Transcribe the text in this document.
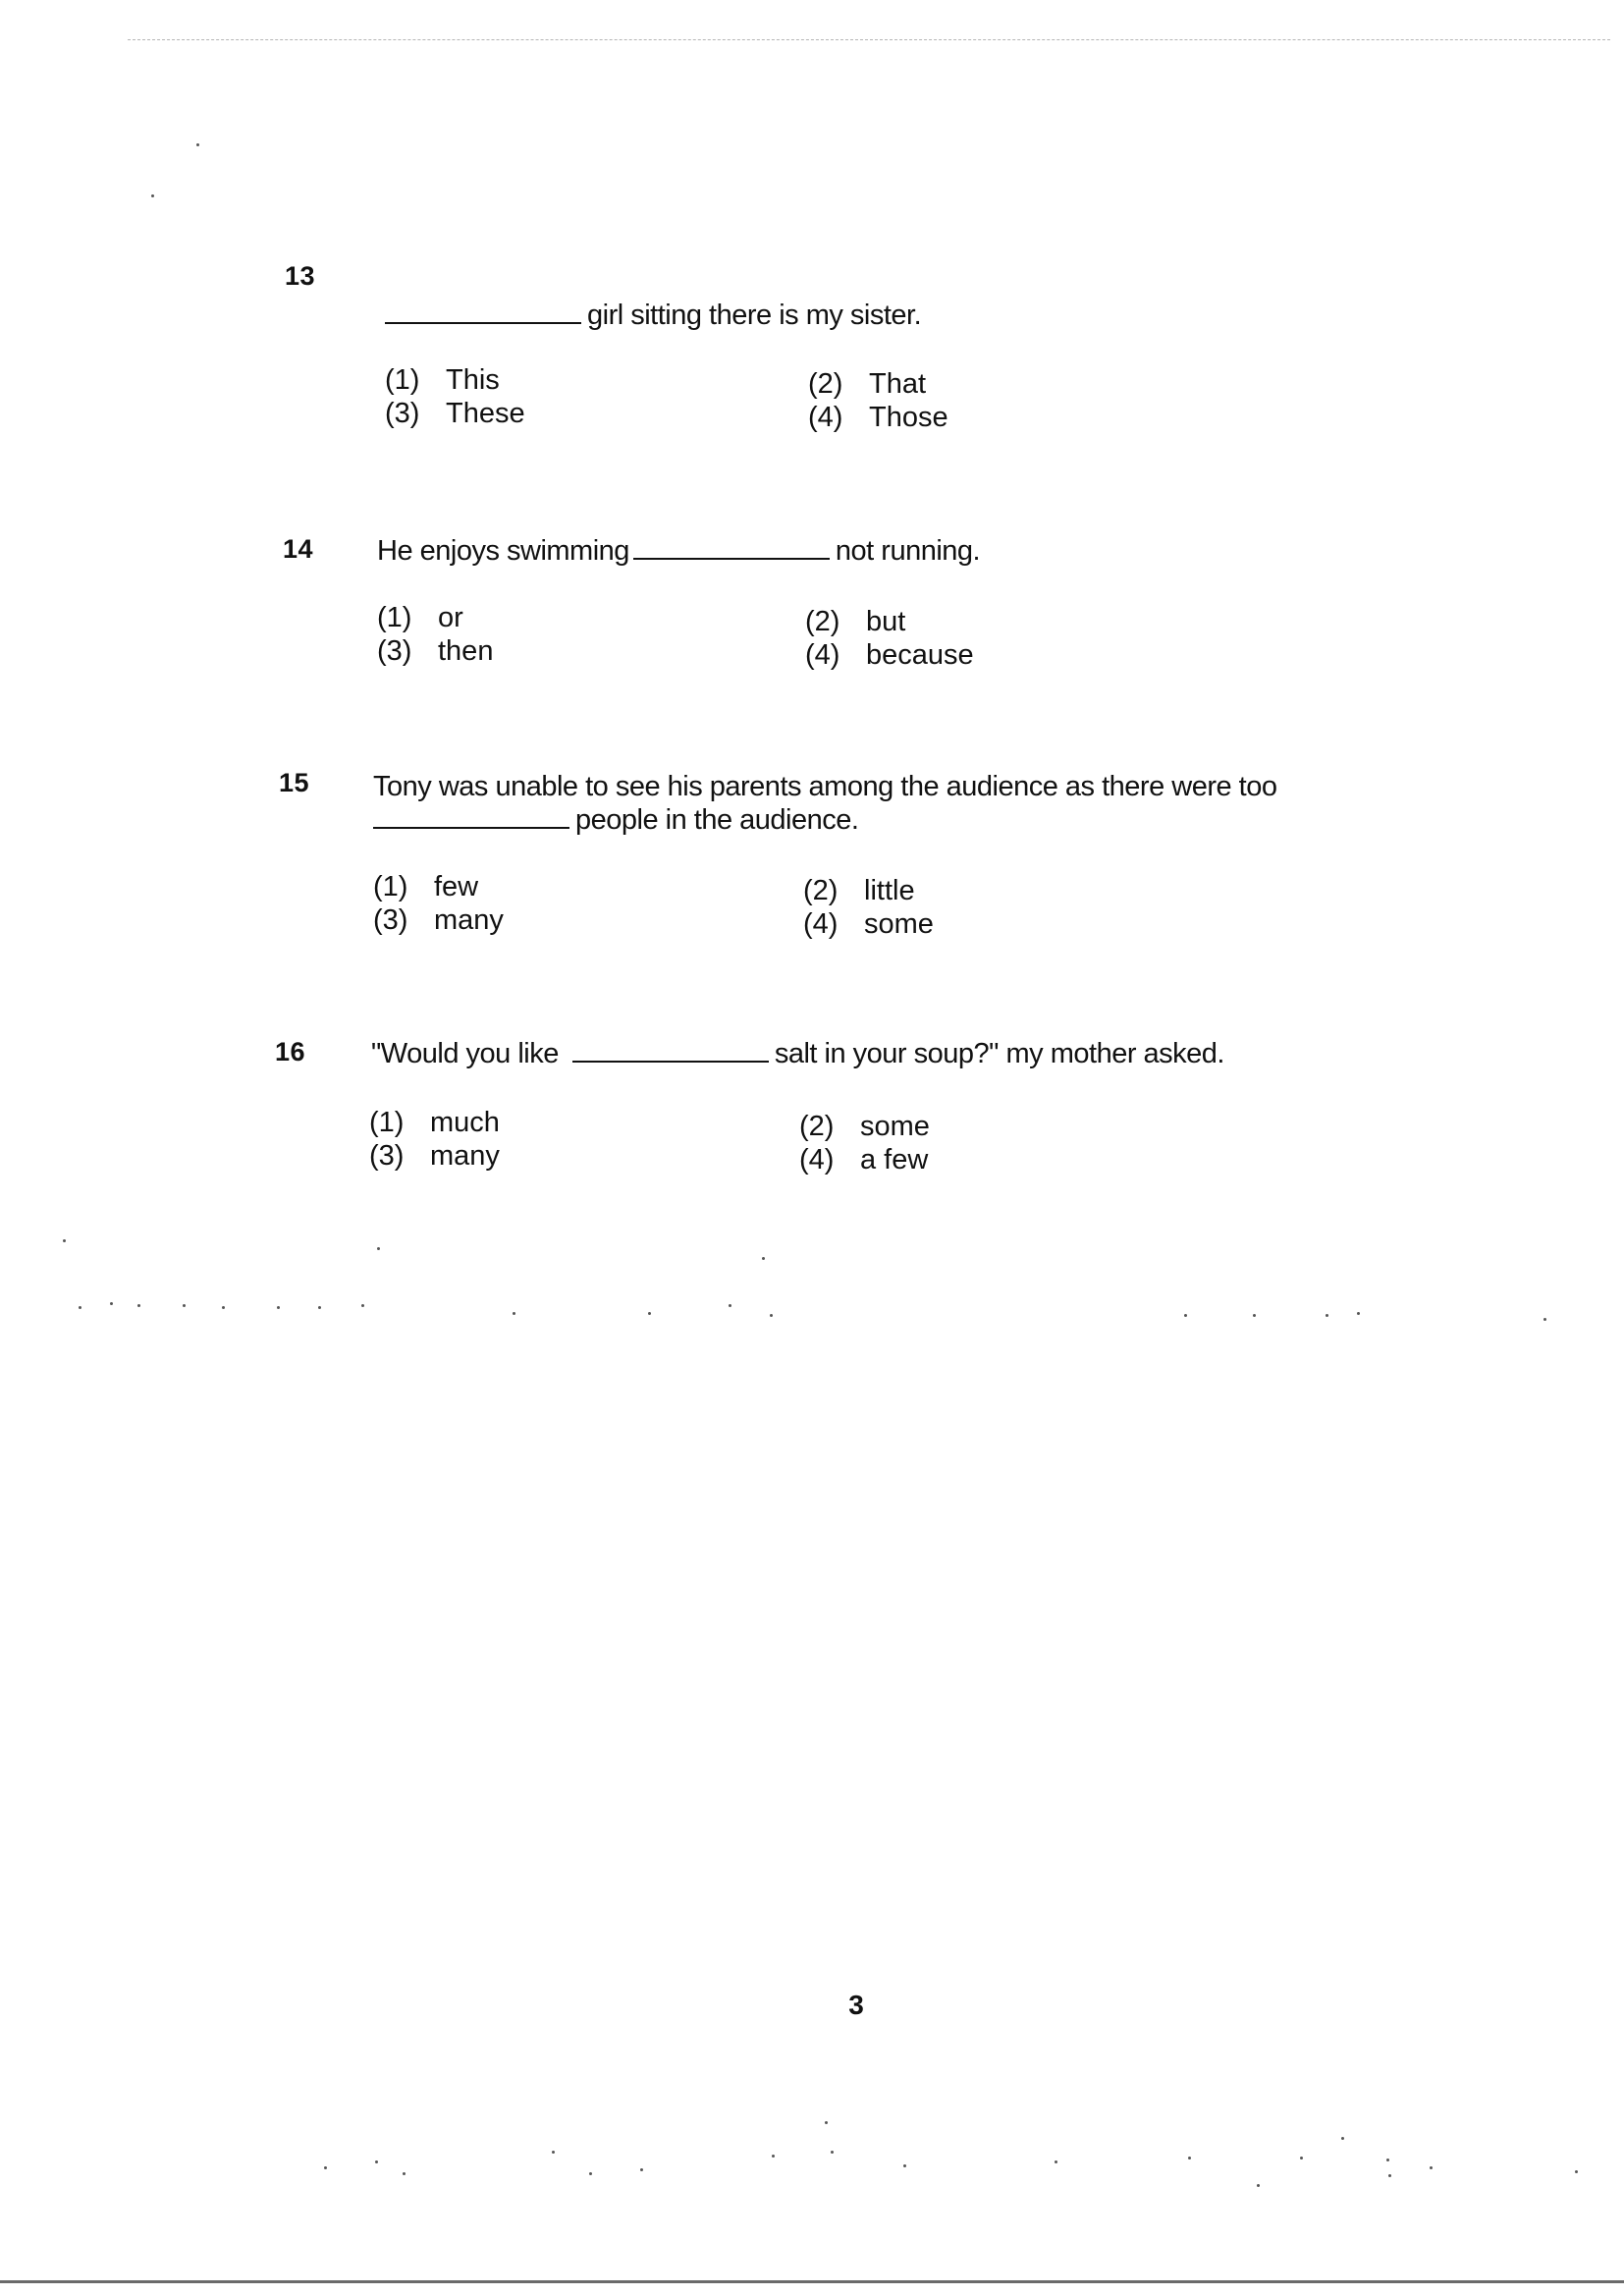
13
girl sitting there is my sister.
(1) This	(2) That
(3) These	(4) Those
14 He enjoys swimming	not running.
(1) or	(2) but
(3) then	(4) because
15 Tony was unable to see his parents among the audience as there were too
people in the audience.
(1) few	(2) little
(3) many	(4) some
16 "Would you like	salt in your soup?" my mother asked.
(1) much	(2) some
(3) many	(4) a few
3
